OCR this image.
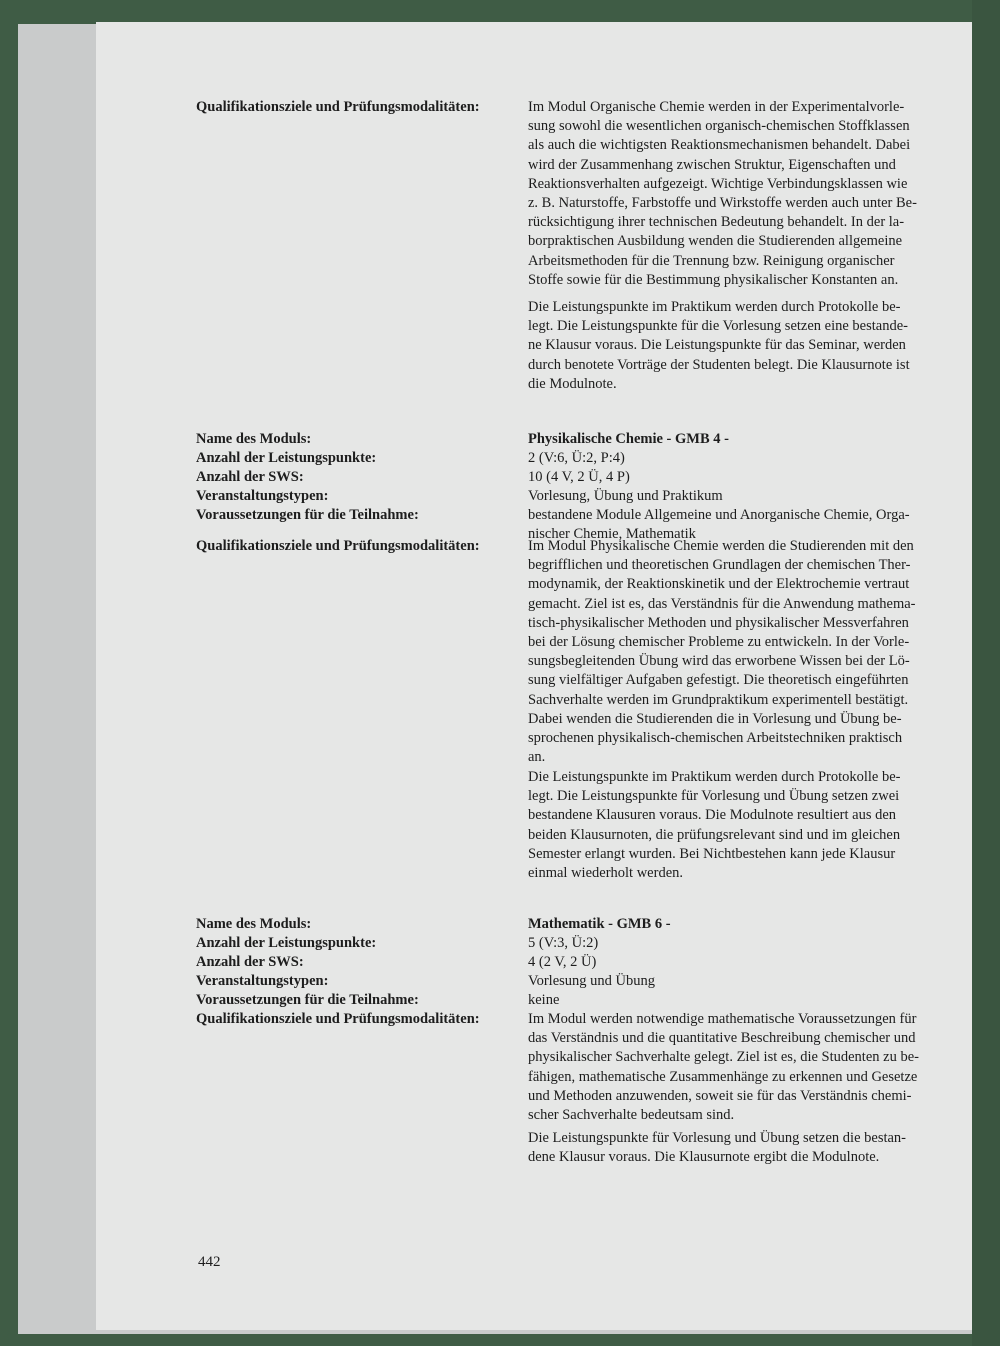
Qualifikationsziele und Prüfungsmodalitäten:	Im Modul Organische Chemie werden in der Experimentalvorle-
sung sowohl die wesentlichen organisch-chemischen Stoffklassen
als auch die wichtigsten Reaktionsmechanismen behandelt. Dabei
wird der Zusammenhang zwischen Struktur, Eigenschaften und
Reaktionsverhalten aufgezeigt. Wichtige Verbindungsklassen wie
z. B. Naturstoffe, Farbstoffe und Wirkstoffe werden auch unter Be-
rücksichtigung ihrer technischen Bedeutung behandelt. In der la-
borpraktischen Ausbildung wenden die Studierenden allgemeine
Arbeitsmethoden für die Trennung bzw. Reinigung organischer
Stoffe sowie für die Bestimmung physikalischer Konstanten an.
Die Leistungspunkte im Praktikum werden durch Protokolle be-
legt. Die Leistungspunkte für die Vorlesung setzen eine bestande-
ne Klausur voraus. Die Leistungspunkte für das Seminar, werden
durch benotete Vorträge der Studenten belegt. Die Klausurnote ist
die Modulnote.
Name des Moduls:
Anzahl der Leistungspunkte:
Anzahl der SWS:
Veranstaltungstypen:
Voraussetzungen für die Teilnahme:
Qualifikationsziele und Prüfungsmodalitäten:
Physikalische Chemie - GMB 4 -
2 (V:6, Ü:2, P:4)
10 (4 V, 2 Ü, 4 P)
Vorlesung, Übung und Praktikum
bestandene Module Allgemeine und Anorganische Chemie, Orga-
nischer Chemie, Mathematik
Im Modul Physikalische Chemie werden die Studierenden mit den
begrifflichen und theoretischen Grundlagen der chemischen Ther-
modynamik, der Reaktionskinetik und der Elektrochemie vertraut
gemacht. Ziel ist es, das Verständnis für die Anwendung mathema-
tisch-physikalischer Methoden und physikalischer Messverfahren
bei der Lösung chemischer Probleme zu entwickeln. In der Vorle-
sungsbegleitenden Übung wird das erworbene Wissen bei der Lö-
sung vielfältiger Aufgaben gefestigt. Die theoretisch eingeführten
Sachverhalte werden im Grundpraktikum experimentell bestätigt.
Dabei wenden die Studierenden die in Vorlesung und Übung be-
sprochenen physikalisch-chemischen Arbeitstechniken praktisch
an.
Die Leistungspunkte im Praktikum werden durch Protokolle be-
legt. Die Leistungspunkte für Vorlesung und Übung setzen zwei
bestandene Klausuren voraus. Die Modulnote resultiert aus den
beiden Klausurnoten, die prüfungsrelevant sind und im gleichen
Semester erlangt wurden. Bei Nichtbestehen kann jede Klausur
einmal wiederholt werden.
Name des Moduls:
Anzahl der Leistungspunkte:
Anzahl der SWS:
Veranstaltungstypen:
Voraussetzungen für die Teilnahme:
Qualifikationsziele und Prüfungsmodalitäten:
Mathematik - GMB 6 -
5 (V:3, Ü:2)
4 (2 V, 2 Ü)
Vorlesung und Übung
keine
Im Modul werden notwendige mathematische Voraussetzungen für
das Verständnis und die quantitative Beschreibung chemischer und
physikalischer Sachverhalte gelegt. Ziel ist es, die Studenten zu be-
fähigen, mathematische Zusammenhänge zu erkennen und Gesetze
und Methoden anzuwenden, soweit sie für das Verständnis chemi-
scher Sachverhalte bedeutsam sind.
Die Leistungspunkte für Vorlesung und Übung setzen die bestan-
dene Klausur voraus. Die Klausurnote ergibt die Modulnote.
442
